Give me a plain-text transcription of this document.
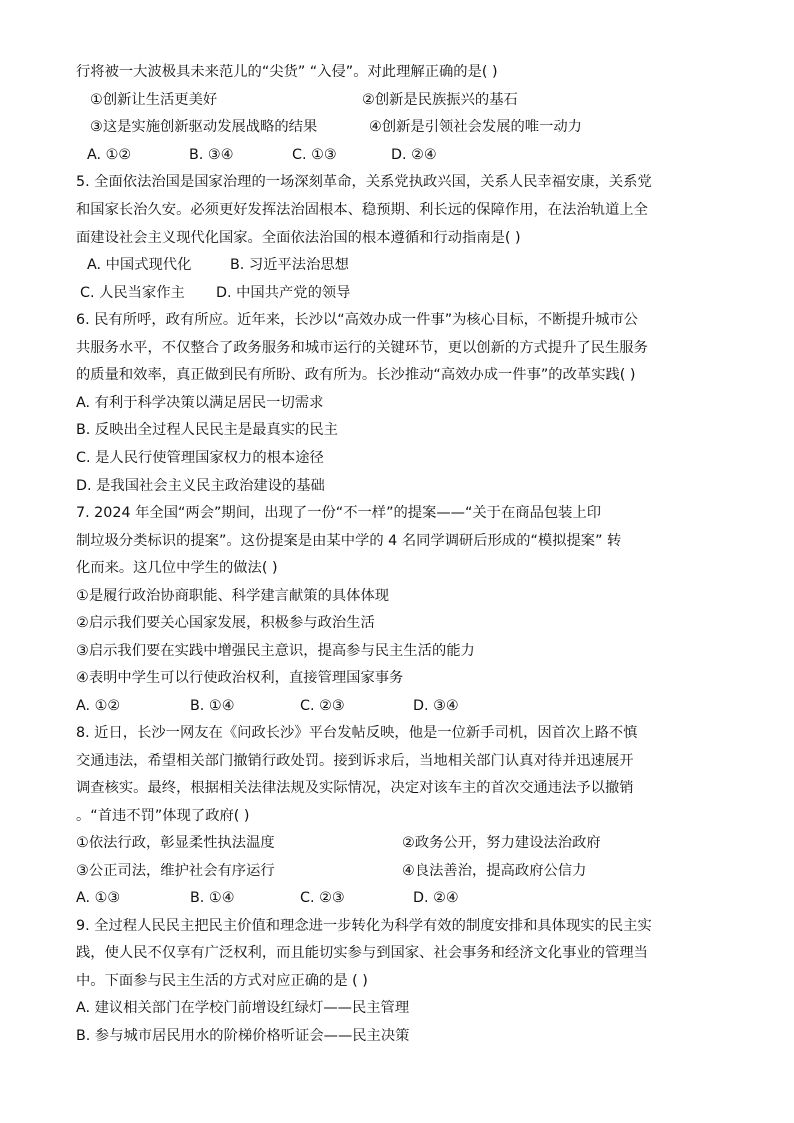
行将被一大波极具未来范儿的“尖货” “入侵”。对此理解正确的是( )
①创新让生活更美好	②创新是民族振兴的基石
③这是实施创新驱动发展战略的结果	④创新是引领社会发展的唯一动力
A. ①②	B. ③④	C. ①③	D. ②④
5. 全面依法治国是国家治理的一场深刻革命，关系党执政兴国，关系人民幸福安康，关系党
和国家长治久安。必须更好发挥法治固根本、稳预期、利长远的保障作用，在法治轨道上全
面建设社会主义现代化国家。全面依法治国的根本遵循和行动指南是( )
A. 中国式现代化	B. 习近平法治思想
C. 人民当家作主 D. 中国共产党的领导
6. 民有所呼，政有所应。近年来，长沙以“高效办成一件事”为核心目标，不断提升城市公
共服务水平，不仅整合了政务服务和城市运行的关键环节，更以创新的方式提升了民生服务
的质量和效率，真正做到民有所盼、政有所为。长沙推动“高效办成一件事”的改革实践( )
A. 有利于科学决策以满足居民一切需求
B. 反映出全过程人民民主是最真实的民主
C. 是人民行使管理国家权力的根本途径
D. 是我国社会主义民主政治建设的基础
7. 2024 年全国“两会”期间，出现了一份“不一样”的提案——“关于在商品包装上印
制垃圾分类标识的提案”。这份提案是由某中学的 4 名同学调研后形成的“模拟提案” 转
化而来。这几位中学生的做法( )
①是履行政治协商职能、科学建言献策的具体体现
②启示我们要关心国家发展，积极参与政治生活
③启示我们要在实践中增强民主意识，提高参与民主生活的能力
④表明中学生可以行使政治权利，直接管理国家事务
A. ①②	B. ①④	C. ②③	D. ③④
8. 近日，长沙一网友在《问政长沙》平台发帖反映，他是一位新手司机，因首次上路不慎
交通违法，希望相关部门撤销行政处罚。接到诉求后，当地相关部门认真对待并迅速展开
调查核实。最终，根据相关法律法规及实际情况，决定对该车主的首次交通违法予以撤销
。“首违不罚”体现了政府( )
①依法行政，彰显柔性执法温度	②政务公开，努力建设法治政府
③公正司法，维护社会有序运行	④良法善治，提高政府公信力
A. ①③	B. ①④	C. ②③	D. ②④
9. 全过程人民民主把民主价值和理念进一步转化为科学有效的制度安排和具体现实的民主实
践，使人民不仅享有广泛权利，而且能切实参与到国家、社会事务和经济文化事业的管理当
中。下面参与民主生活的方式对应正确的是 ( )
A. 建议相关部门在学校门前增设红绿灯——民主管理
B. 参与城市居民用水的阶梯价格听证会——民主决策
